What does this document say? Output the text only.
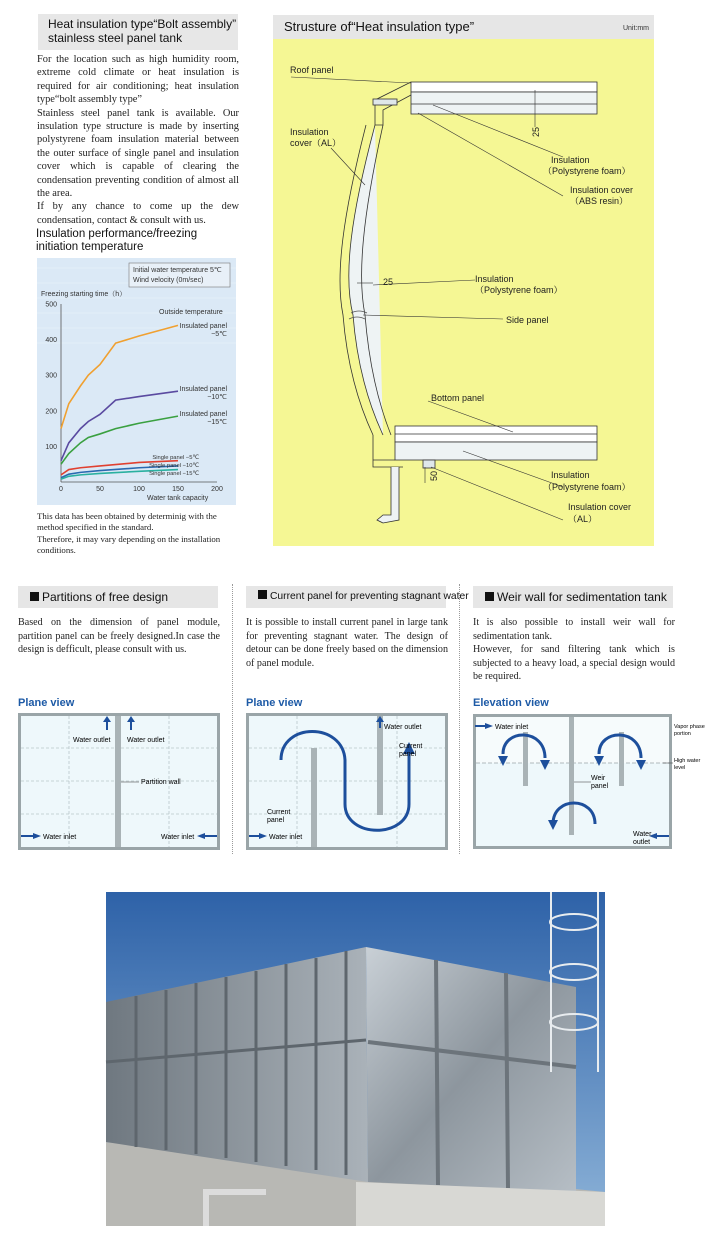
Heat insulation type“Bolt assembly”
stainless steel panel tank

For the location such as high humidity room, extreme cold climate or heat insulation is required for air conditioning; heat insulation type“bolt assembly type”

Stainless steel panel tank is available. Our insulation type structure is made by inserting polystyrene foam insulation material between the outer surface of single panel and insulation cover which is capable of clearing the condensation preventing condition of almost all the area.

If by any chance to come up the dew condensation, contact & consult with us.

Insulation performance/freezing
initiation temperature
Initial water temperature 5℃
Wind velocity (0m/sec)
Freezing starting time（h）
Outside temperature
100
200
300
400
500
0	50	100	150	200
Insulated panel
−5℃
Insulated panel
−10℃
Insulated panel
−15℃
Single panel −5℃
Single panel −10℃
Single panel −15℃
Water tank capacity
This data has been obtained by determinig with the method specified in the standard.
Therefore, it may vary depending on the installation conditions.
Roof panel
Insulation
cover（AL）
25
Insulation
（Polystyrene foam）
Insulation cover
（ABS resin）
25	Insulation
（Polystyrene foam）
Side panel
Bottom panel
50	Insulation
（Polystyrene foam）
Insulation cover
（AL）
Strusture of“Heat insulation type”	Unit:mm
Partitions of free design
Based on the dimension of panel module, partition panel can be freely designed.In case the design is defficult, please consult with us.
Plane view
Water outlet Water outlet
Partition wall
Water inlet	Water inlet
Current panel for preventing stagnant water
It is possible to install current panel in large tank for preventing stagnant water. The design of detour can be done freely based on the dimension of panel module.
Plane view
Water outlet
Current
panel
Current
panel
Water inlet
Weir wall for sedimentation tank
It is also possible to install weir wall for sedimentation tank.
However, for sand filtering tank which is subjected to a heavy load, a special design would be required.
Elevation view
Water inlet	Vapor phase
portion
High water
level
Weir
panel
Water
outlet
